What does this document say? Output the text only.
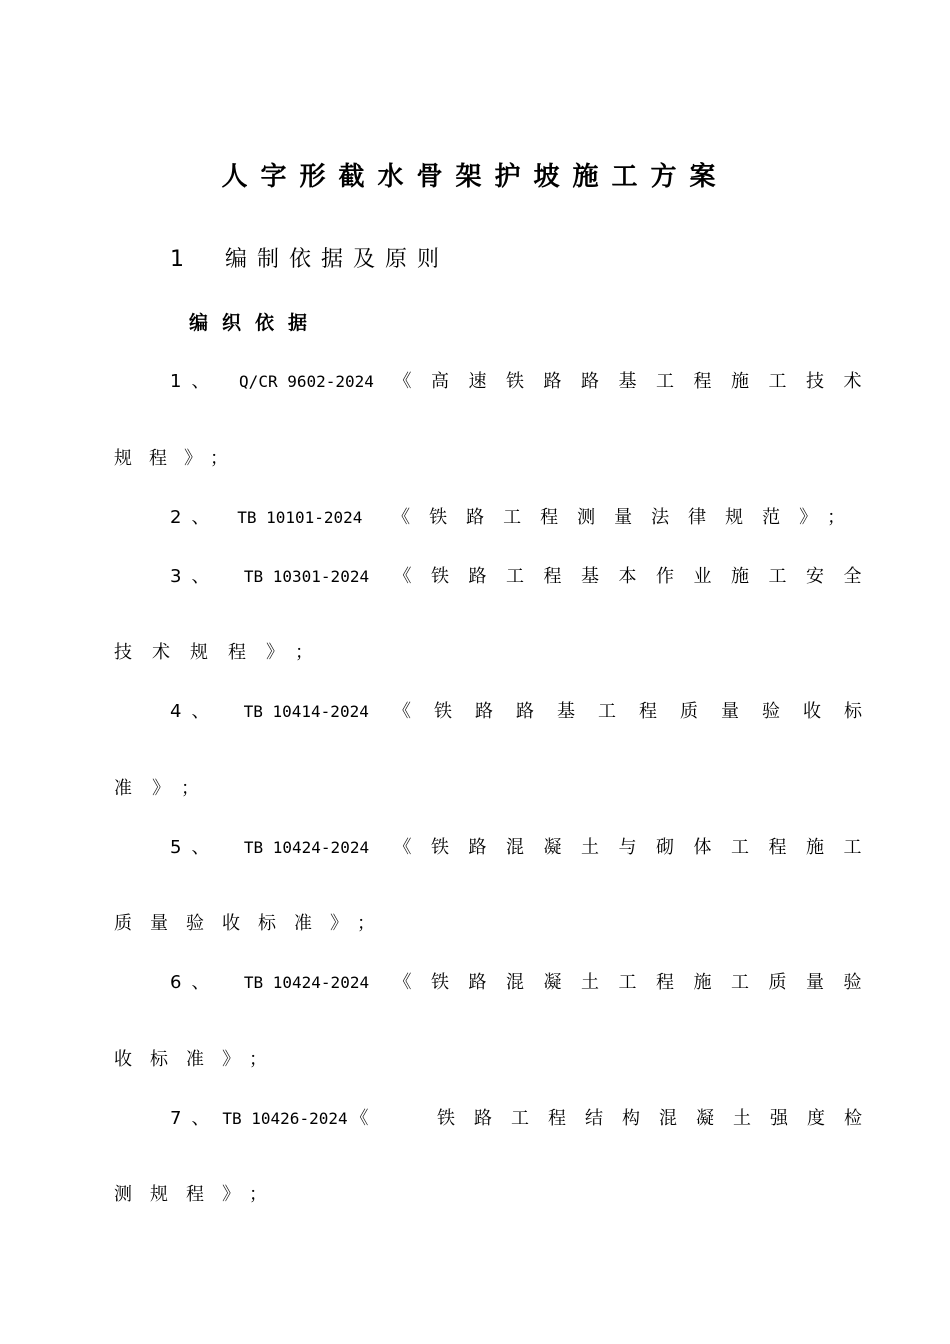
人字形截水骨架护坡施工方案
1 编制依据及原则
编织依据
1、 Q/CR 9602-2024 《高速铁路路基工程施工技术
规程》；
2、 TB 10101-2024 《铁路工程测量法律规范》；
3、 TB 10301-2024 《铁路工程基本作业施工安全
技术规程》；
4、 TB 10414-2024 《铁路路基工程质量验收标
准》；
5、 TB 10424-2024 《铁路混凝土与砌体工程施工
质量验收标准》；
6、 TB 10424-2024 《铁路混凝土工程施工质量验
收标准》；
7、 TB 10426-2024 《  铁路工程结构混凝土强度检
测规程》；
